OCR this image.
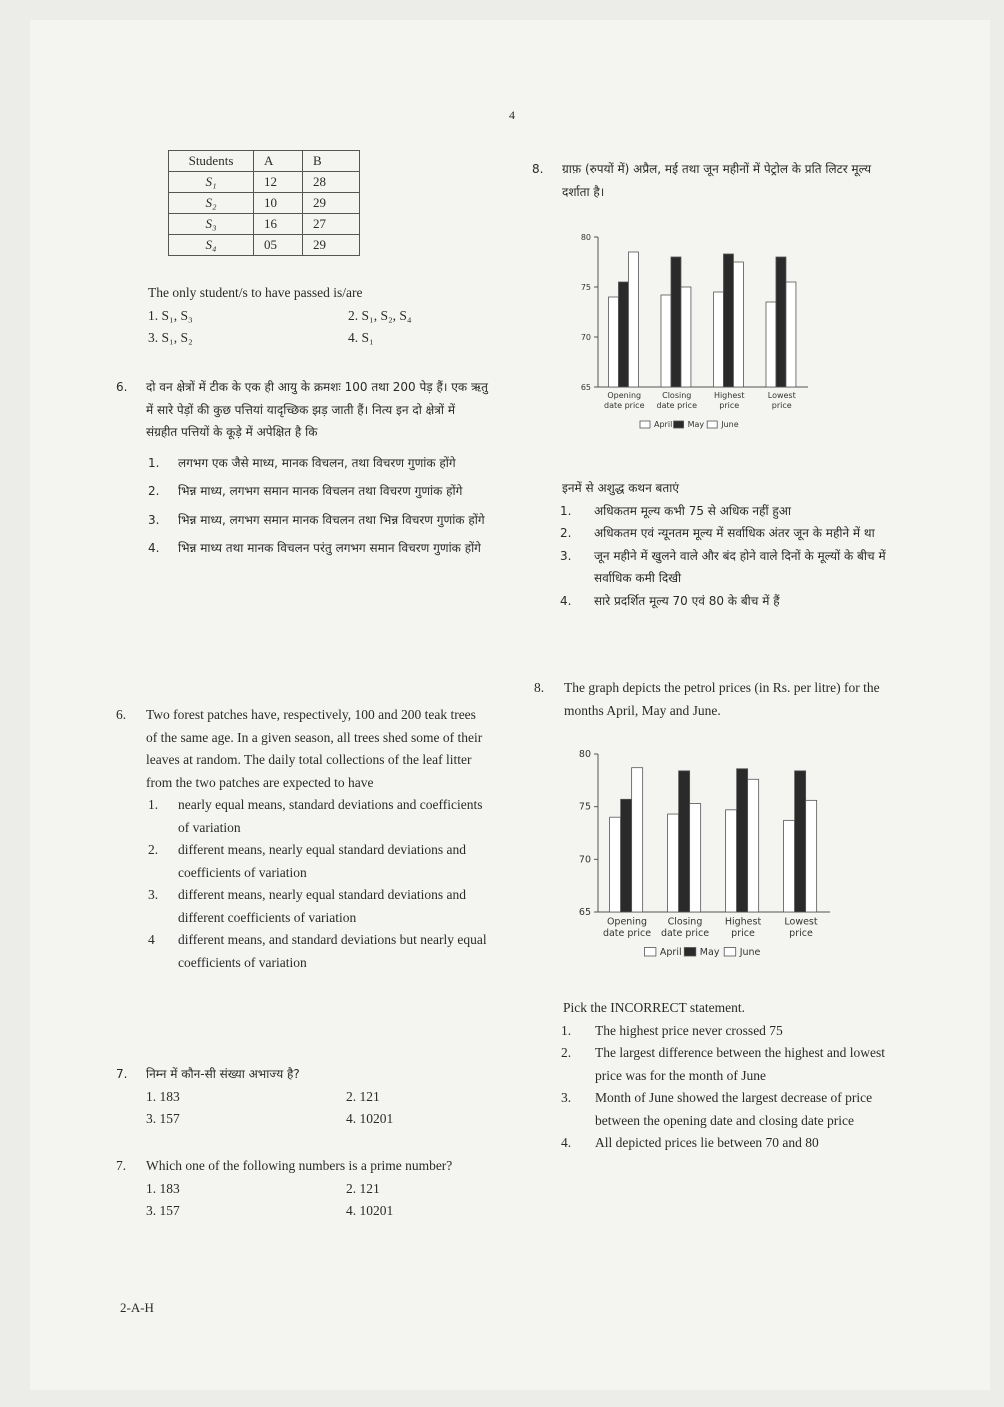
4
Students	A	B
S₁	12	28
S₂	10	29
S₃	16	27
S₄	05	29
The only student/s to have passed is/are
1. S₁, S₃	2. S₁, S₂, S₄
3. S₁, S₂	4. S₁
6. दो वन क्षेत्रों में टीक के एक ही आयु के क्रमशः 100 तथा 200 पेड़ हैं। एक ऋतु में सारे पेड़ों की कुछ पत्तियां यादृच्छिक झड़ जाती हैं। नित्य इन दो क्षेत्रों में संग्रहीत पत्तियों के कूड़े में अपेक्षित है कि
1. लगभग एक जैसे माध्य, मानक विचलन, तथा विचरण गुणांक होंगे
2. भिन्न माध्य, लगभग समान मानक विचलन तथा विचरण गुणांक होंगे
3. भिन्न माध्य, लगभग समान मानक विचलन तथा भिन्न विचरण गुणांक होंगे
4. भिन्न माध्य तथा मानक विचलन परंतु लगभग समान विचरण गुणांक होंगे
6. Two forest patches have, respectively, 100 and 200 teak trees of the same age. In a given season, all trees shed some of their leaves at random. The daily total collections of the leaf litter from the two patches are expected to have
1. nearly equal means, standard deviations and coefficients of variation
2. different means, nearly equal standard deviations and coefficients of variation
3. different means, nearly equal standard deviations and different coefficients of variation
4 different means, and standard deviations but nearly equal coefficients of variation
7. निम्न में कौन-सी संख्या अभाज्य है?
1. 183	2. 121
3. 157	4. 10201
7. Which one of the following numbers is a prime number?
1. 183	2. 121
3. 157	4. 10201
8. ग्राफ़ (रुपयों में) अप्रैल, मई तथा जून महीनों में पेट्रोल के प्रति लिटर मूल्य दर्शाता है।
65
70
75
80
Opening
date price
Closing
date price
Highest
price
Lowest
price
April May June
इनमें से अशुद्ध कथन बताएं
1. अधिकतम मूल्य कभी 75 से अधिक नहीं हुआ
2. अधिकतम एवं न्यूनतम मूल्य में सर्वाधिक अंतर जून के महीने में था
3. जून महीने में खुलने वाले और बंद होने वाले दिनों के मूल्यों के बीच में सर्वाधिक कमी दिखी
4. सारे प्रदर्शित मूल्य 70 एवं 80 के बीच में हैं
8. The graph depicts the petrol prices (in Rs. per litre) for the months April, May and June.
65
70
75
80
Opening
date price
Closing
date price
Highest
price
Lowest
price
April May June
Pick the INCORRECT statement.
1. The highest price never crossed 75
2. The largest difference between the highest and lowest price was for the month of June
3. Month of June showed the largest decrease of price between the opening date and closing date price
4. All depicted prices lie between 70 and 80
2-A-H
